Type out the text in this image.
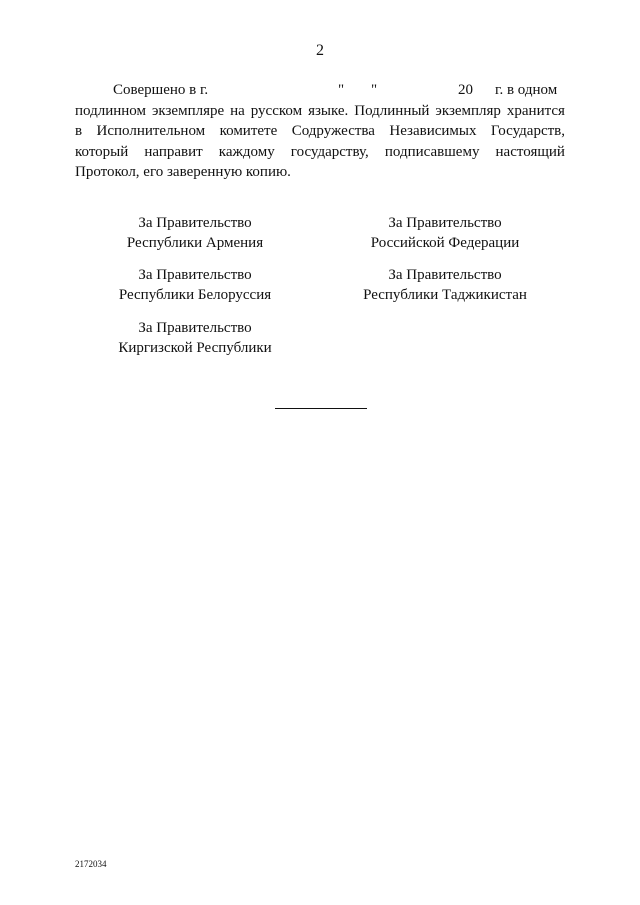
2
Совершено в г.	" "	20 г. в одном
подлинном экземпляре на русском языке. Подлинный экземпляр хранится
в Исполнительном комитете Содружества Независимых Государств,
который направит каждому государству, подписавшему настоящий
Протокол, его заверенную копию.
За Правительство
Республики Армения
За Правительство
Российской Федерации
За Правительство
Республики Белоруссия
За Правительство
Республики Таджикистан
За Правительство
Киргизской Республики
2172034
